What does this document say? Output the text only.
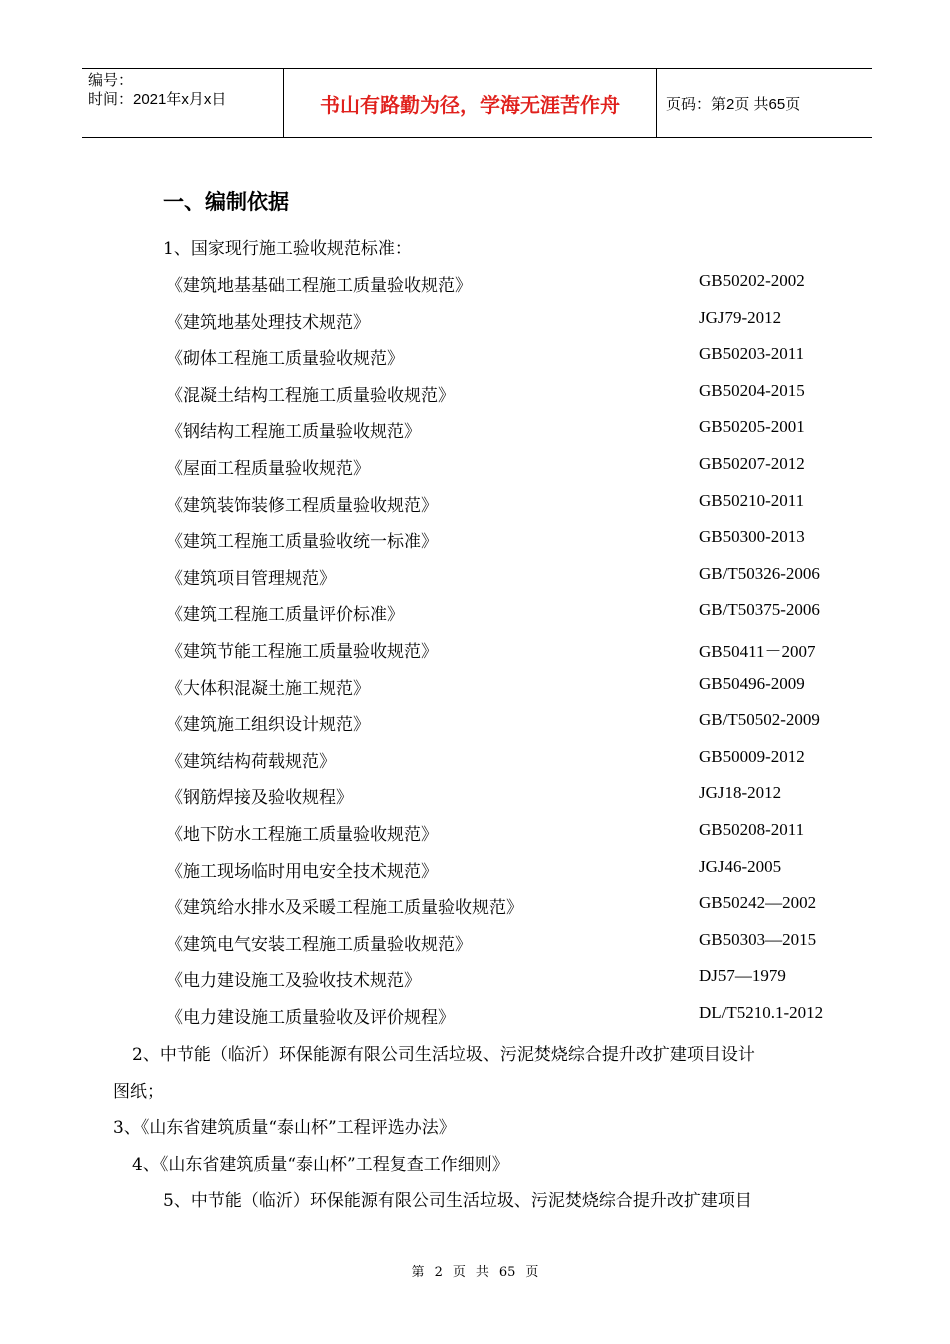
编号：
时间：2021年x月x日	书山有路勤为径，学海无涯苦作舟	页码：第2页 共65页
一、编制依据
1、国家现行施工验收规范标准：
《建筑地基基础工程施工质量验收规范》	GB50202-2002
《建筑地基处理技术规范》	JGJ79-2012
《砌体工程施工质量验收规范》	GB50203-2011
《混凝土结构工程施工质量验收规范》	GB50204-2015
《钢结构工程施工质量验收规范》	GB50205-2001
《屋面工程质量验收规范》	GB50207-2012
《建筑装饰装修工程质量验收规范》	GB50210-2011
《建筑工程施工质量验收统一标准》	GB50300-2013
《建筑项目管理规范》	GB/T50326-2006
《建筑工程施工质量评价标准》	GB/T50375-2006
《建筑节能工程施工质量验收规范》	GB50411－2007
《大体积混凝土施工规范》	GB50496-2009
《建筑施工组织设计规范》	GB/T50502-2009
《建筑结构荷载规范》	GB50009-2012
《钢筋焊接及验收规程》	JGJ18-2012
《地下防水工程施工质量验收规范》	GB50208-2011
《施工现场临时用电安全技术规范》	JGJ46-2005
《建筑给水排水及采暖工程施工质量验收规范》	GB50242—2002
《建筑电气安装工程施工质量验收规范》	GB50303—2015
《电力建设施工及验收技术规范》	DJ57—1979
《电力建设施工质量验收及评价规程》	DL/T5210.1-2012
2、中节能（临沂）环保能源有限公司生活垃圾、污泥焚烧综合提升改扩建项目设计
图纸；
3、《山东省建筑质量“泰山杯”工程评选办法》
4、《山东省建筑质量“泰山杯”工程复查工作细则》
5、中节能（临沂）环保能源有限公司生活垃圾、污泥焚烧综合提升改扩建项目
第 2 页 共 65 页
